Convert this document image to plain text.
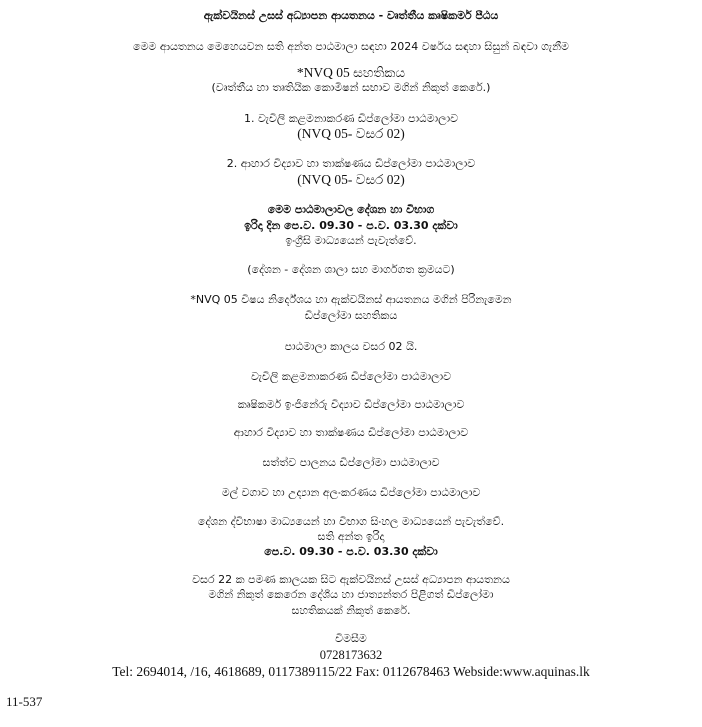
ඇක්වයිනස් උසස් අධ්‍යාපන ආයතනය - වෘත්තීය කෘෂිකර්ම පීඨය
මෙම ආයතනය මෙහෙයවන සති අන්ත පාඨමාලා සඳහා 2024 වර්ෂය සඳහා සිසුන් බඳවා ගැනීම
*NVQ 05 සහතිකය
(වෘත්තීය හා තෘතියික කොමිෂන් සභාව මගින් නිකුත් කෙරේ.)
1. වැවිලි කළමනාකරණ ඩිප්ලෝමා පාඨමාලාව
(NVQ 05- වසර 02)
2. ආහාර විද්‍යාව හා තාක්ෂණය ඩිප්ලෝමා පාඨමාලාව
(NVQ 05- වසර 02)
මෙම පාඨමාලාවල දේශන හා විභාග
ඉරිදා දින පෙ.ව. 09.30 - ප.ව. 03.30 දක්වා
ඉංග්‍රීසි මාධ්‍යයෙන් පැවැත්වේ.
(දේශන - දේශන ශාලා සහ මාර්ගගත ක්‍රමයට)
*NVQ 05 විෂය නිර්දේශය හා ඇක්වයිනස් ආයතනය මගින් පිරිනැමෙන
ඩිප්ලෝමා සහතිකය
පාඨමාලා කාලය වසර 02 යි.
වැවිලි කළමනාකරණ ඩිප්ලෝමා පාඨමාලාව
කෘෂිකර්ම ඉංජිනේරු විද්‍යාව ඩිප්ලෝමා පාඨමාලාව
ආහාර විද්‍යාව හා තාක්ෂණය ඩිප්ලෝමා පාඨමාලාව
සත්ත්ව පාලනය ඩිප්ලෝමා පාඨමාලාව
මල් වගාව හා උද්‍යාන අලංකරණය ඩිප්ලෝමා පාඨමාලාව
දේශන ද්විභාෂා මාධ්‍යයෙන් හා විභාග සිංහල මාධ්‍යයෙන් පැවැත්වේ.
සති අන්ත ඉරිදා
පෙ.ව. 09.30 - ප.ව. 03.30 දක්වා
වසර 22 ක පමණ කාලයක සිට ඇක්වයිනස් උසස් අධ්‍යාපන ආයතනය
මගින් නිකුත් කෙරෙන දේශීය හා ජාත්‍යන්තර පිළිගත් ඩිප්ලෝමා
සහතිකයක් නිකුත් කෙරේ.
විමසීම
0728173632
Tel: 2694014, /16, 4618689, 0117389115/22 Fax: 0112678463 Webside:www.aquinas.lk
11-537
